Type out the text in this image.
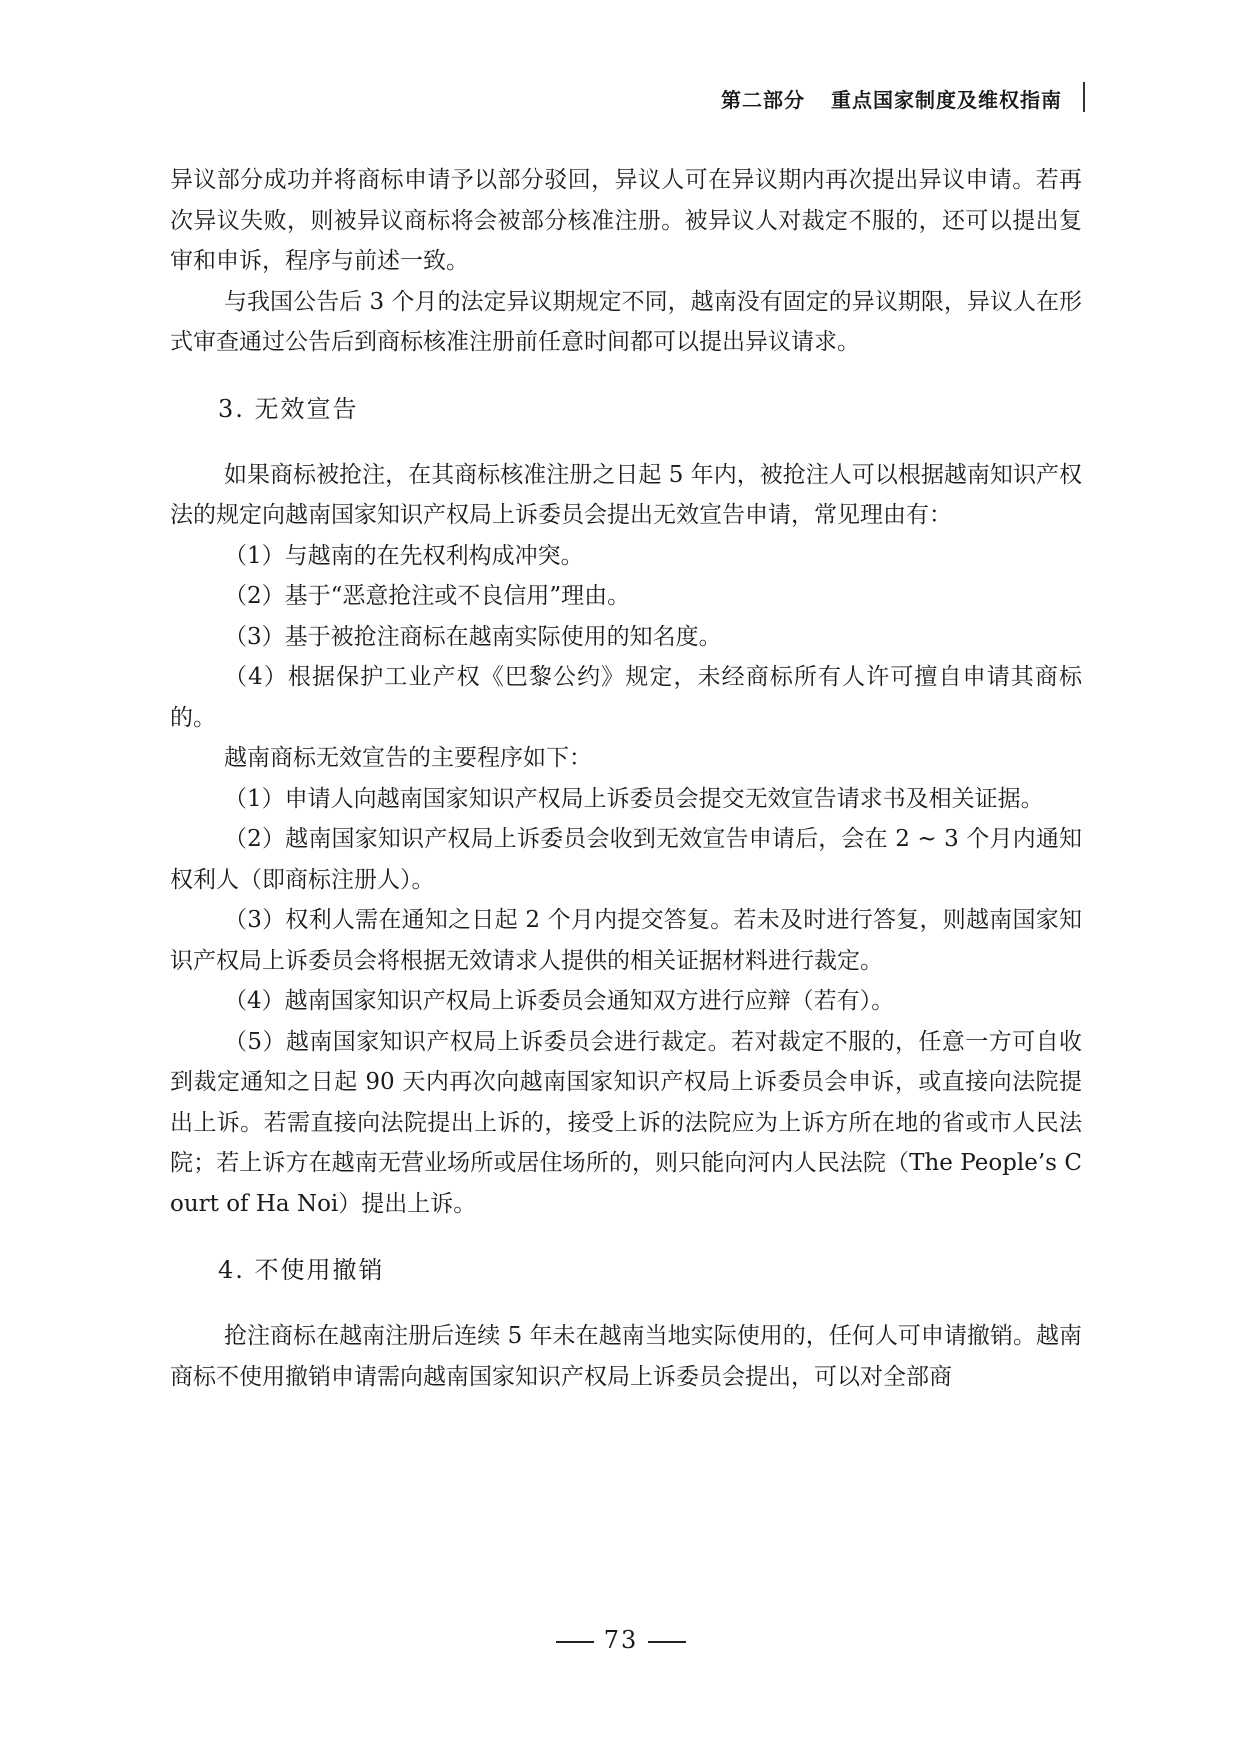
第二部分 重点国家制度及维权指南

异议部分成功并将商标申请予以部分驳回，异议人可在异议期内再次提出异议申请。若再次异议失败，则被异议商标将会被部分核准注册。被异议人对裁定不服的，还可以提出复审和申诉，程序与前述一致。

与我国公告后 3 个月的法定异议期规定不同，越南没有固定的异议期限，异议人在形式审查通过公告后到商标核准注册前任意时间都可以提出异议请求。

3. 无效宣告

如果商标被抢注，在其商标核准注册之日起 5 年内，被抢注人可以根据越南知识产权法的规定向越南国家知识产权局上诉委员会提出无效宣告申请，常见理由有：

（1）与越南的在先权利构成冲突。

（2）基于“恶意抢注或不良信用”理由。

（3）基于被抢注商标在越南实际使用的知名度。

（4）根据保护工业产权《巴黎公约》规定，未经商标所有人许可擅自申请其商标的。

越南商标无效宣告的主要程序如下：

（1）申请人向越南国家知识产权局上诉委员会提交无效宣告请求书及相关证据。

（2）越南国家知识产权局上诉委员会收到无效宣告申请后，会在 2 ~ 3 个月内通知权利人（即商标注册人）。

（3）权利人需在通知之日起 2 个月内提交答复。若未及时进行答复，则越南国家知识产权局上诉委员会将根据无效请求人提供的相关证据材料进行裁定。

（4）越南国家知识产权局上诉委员会通知双方进行应辩（若有）。

（5）越南国家知识产权局上诉委员会进行裁定。若对裁定不服的，任意一方可自收到裁定通知之日起 90 天内再次向越南国家知识产权局上诉委员会申诉，或直接向法院提出上诉。若需直接向法院提出上诉的，接受上诉的法院应为上诉方所在地的省或市人民法院；若上诉方在越南无营业场所或居住场所的，则只能向河内人民法院（The People’s Court of Ha Noi）提出上诉。

4. 不使用撤销

抢注商标在越南注册后连续 5 年未在越南当地实际使用的，任何人可申请撤销。越南商标不使用撤销申请需向越南国家知识产权局上诉委员会提出，可以对全部商

73
